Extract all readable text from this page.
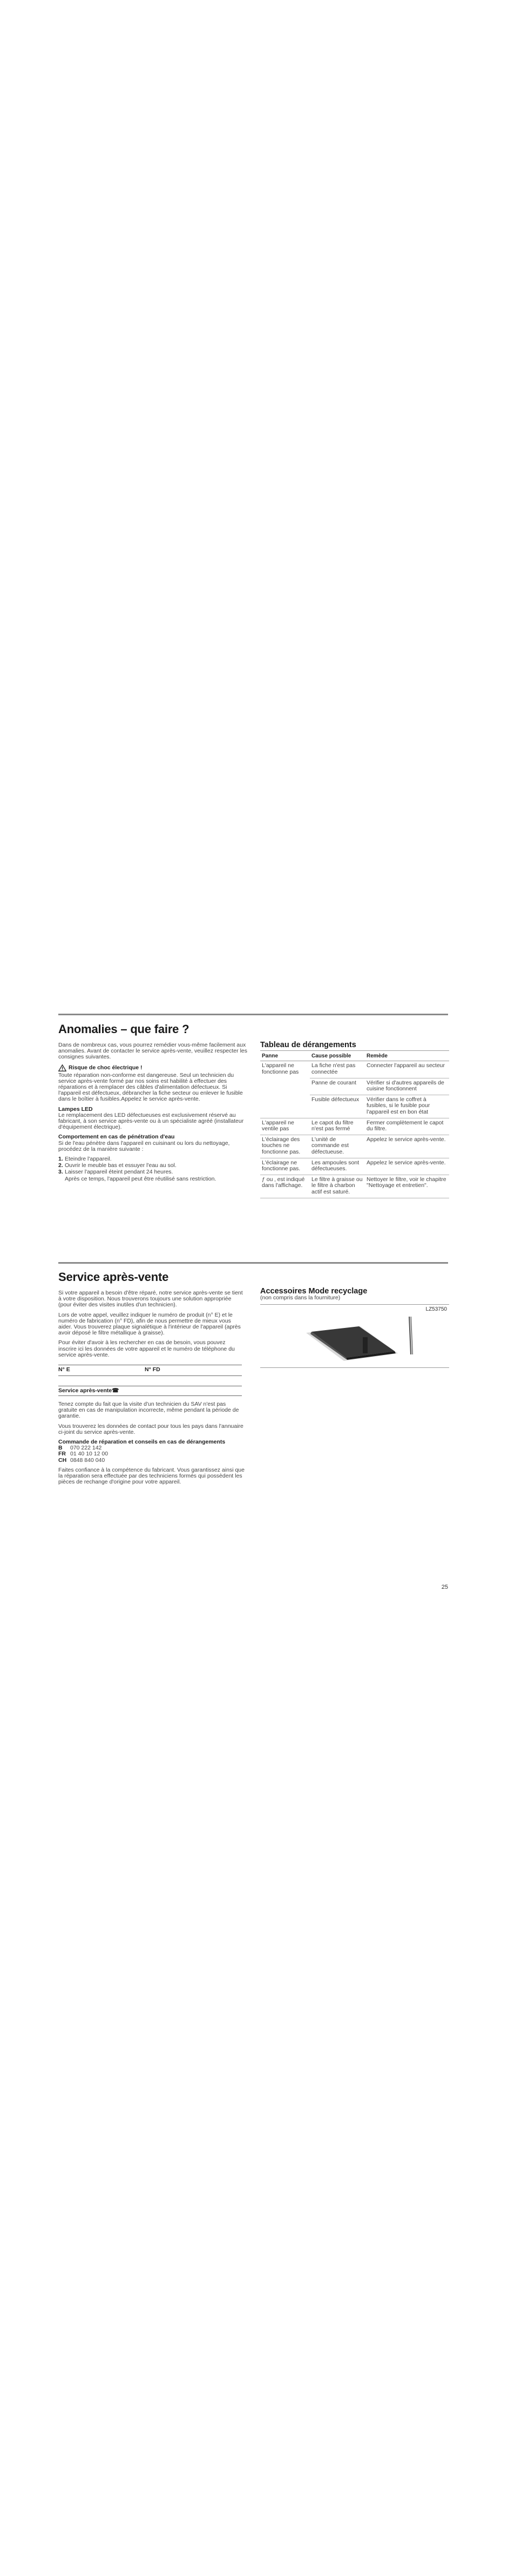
Anomalies – que faire ?

Dans de nombreux cas, vous pourrez remédier vous-même facilement aux anomalies. Avant de contacter le service après-vente, veuillez respecter les consignes suivantes.

Risque de choc électrique !

Toute réparation non-conforme est dangereuse. Seul un technicien du service après-vente formé par nos soins est habilité à effectuer des réparations et à remplacer des câbles d'alimentation défectueux. Si l'appareil est défectueux, débrancher la fiche secteur ou enlever le fusible dans le boîtier à fusibles.Appelez le service après-vente.

Lampes LED

Le remplacement des LED défectueuses est exclusivement réservé au fabricant, à son service après-vente ou à un spécialiste agréé (installateur d'équipement électrique).

Comportement en cas de pénétration d'eau

Si de l'eau pénètre dans l'appareil en cuisinant ou lors du nettoyage, procédez de la manière suivante :

1. Eteindre l'appareil.
2. Ouvrir le meuble bas et essuyer l'eau au sol.
3. Laisser l'appareil éteint pendant 24 heures.
Après ce temps, l'appareil peut être réutilisé sans restriction.
Tableau de dérangements
Panne	Cause possible	Remède
L'appareil ne fonctionne pas	La fiche n'est pas connectée	Connecter l'appareil au secteur
	Panne de courant	Vérifier si d'autres appareils de cuisine fonctionnent
	Fusible défectueux	Vérifier dans le coffret à fusibles, si le fusible pour l'appareil est en bon état
L'appareil ne ventile pas	Le capot du filtre n'est pas fermé	Fermer complètement le capot du filtre.
L'éclairage des touches ne fonctionne pas.	L'unité de commande est défectueuse.	Appelez le service après-vente.
L'éclairage ne fonctionne pas.	Les ampoules sont défectueuses.	Appelez le service après-vente.
ƒ ou ‚ est indiqué dans l'affichage.	Le filtre à graisse ou le filtre à charbon actif est saturé.	Nettoyer le filtre, voir le chapitre "Nettoyage et entretien".
Service après-vente

Si votre appareil a besoin d'être réparé, notre service après-vente se tient à votre disposition. Nous trouverons toujours une solution appropriée (pour éviter des visites inutiles d'un technicien).

Lors de votre appel, veuillez indiquer le numéro de produit (n° E) et le numéro de fabrication (n° FD), afin de nous permettre de mieux vous aider. Vous trouverez plaque signalétique à l'intérieur de l'appareil (après avoir déposé le filtre métallique à graisse).

Pour éviter d'avoir à les rechercher en cas de besoin, vous pouvez inscrire ici les données de votre appareil et le numéro de téléphone du service après-vente.

N° E	N° FD
Service après-vente☎

Tenez compte du fait que la visite d'un technicien du SAV n'est pas gratuite en cas de manipulation incorrecte, même pendant la période de garantie.

Vous trouverez les données de contact pour tous les pays dans l'annuaire ci-joint du service après-vente.

Commande de réparation et conseils en cas de dérangements
B	070 222 142
FR 01 40 10 12 00
CH 0848 840 040

Faites confiance à la compétence du fabricant. Vous garantissez ainsi que la réparation sera effectuée par des techniciens formés qui possèdent les pièces de rechange d'origine pour votre appareil.

Accessoires Mode recyclage
(non compris dans la fourniture)
LZ53750
25
